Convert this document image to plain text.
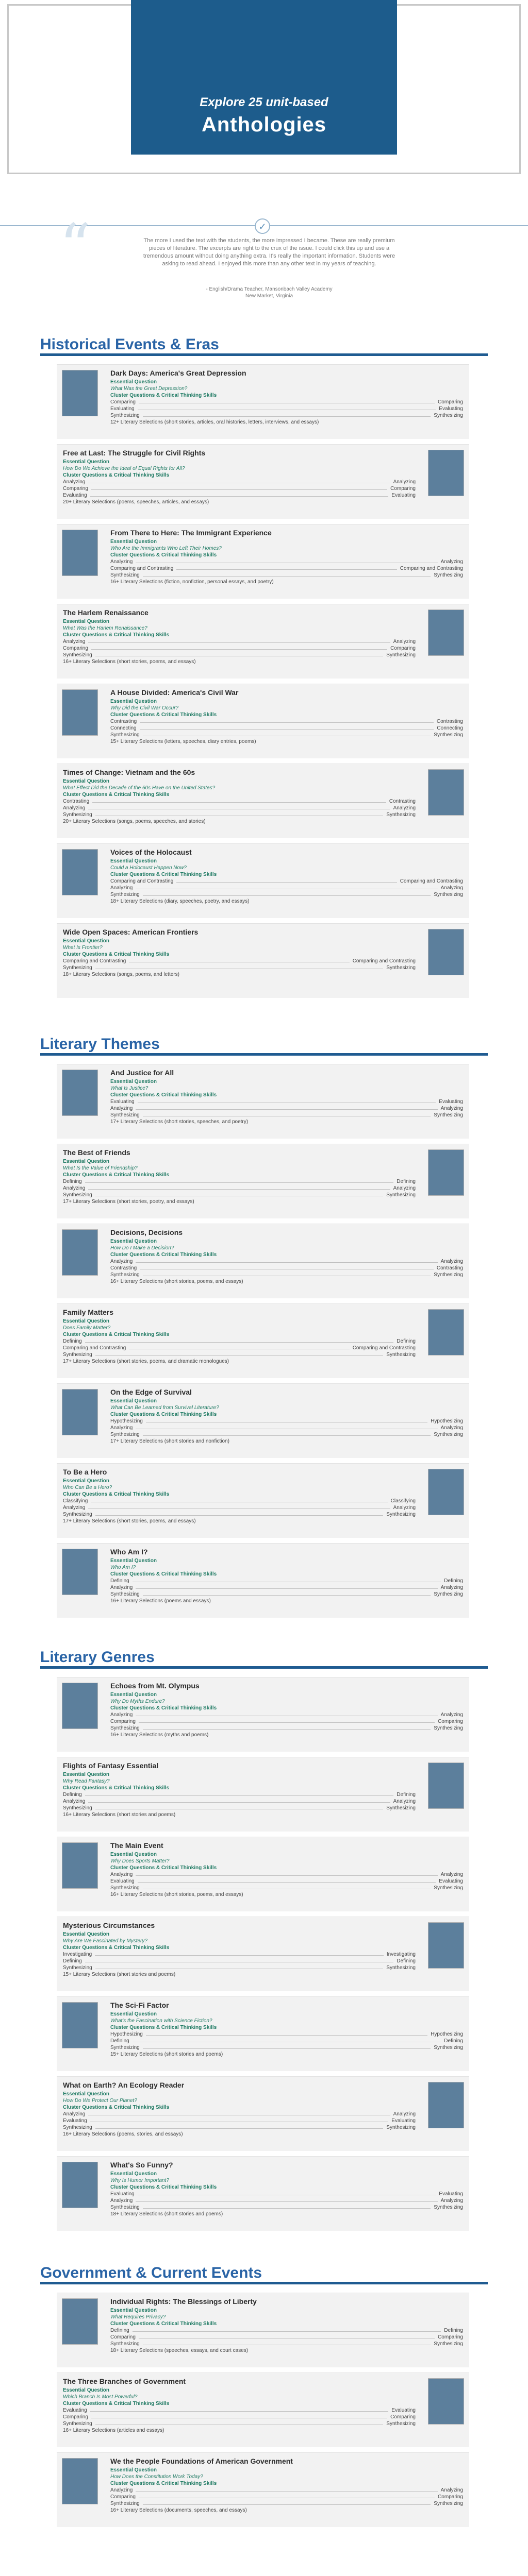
Explore 25 unit-based
Anthologies
✓
“	The more I used the text with the students, the more impressed I became. These are really premium pieces of literature. The excerpts are right to the crux of the issue. I could click this up and use a tremendous amount without doing anything extra. It's really the important information. Students were asking to read ahead. I enjoyed this more than any other text in my years of teaching.
- English/Drama Teacher, Mansonbach Valley Academy
New Market, Virginia
Historical Events & Eras
Dark Days: America's Great Depression
Essential Question
What Was the Great Depression?
Cluster Questions & Critical Thinking Skills
Comparing	Comparing
Evaluating	Evaluating
Synthesizing	Synthesizing
12+ Literary Selections (short stories, articles, oral histories, letters, interviews, and essays)
Free at Last: The Struggle for Civil Rights
Essential Question
How Do We Achieve the Ideal of Equal Rights for All?
Cluster Questions & Critical Thinking Skills
Analyzing	Analyzing
Comparing	Comparing
Evaluating	Evaluating
20+ Literary Selections (poems, speeches, articles, and essays)
From There to Here: The Immigrant Experience
Essential Question
Who Are the Immigrants Who Left Their Homes?
Cluster Questions & Critical Thinking Skills
Analyzing	Analyzing
Comparing and Contrasting	Comparing and Contrasting
Synthesizing	Synthesizing
16+ Literary Selections (fiction, nonfiction, personal essays, and poetry)
The Harlem Renaissance
Essential Question
What Was the Harlem Renaissance?
Cluster Questions & Critical Thinking Skills
Analyzing	Analyzing
Comparing	Comparing
Synthesizing	Synthesizing
16+ Literary Selections (short stories, poems, and essays)
A House Divided: America's Civil War
Essential Question
Why Did the Civil War Occur?
Cluster Questions & Critical Thinking Skills
Contrasting	Contrasting
Connecting	Connecting
Synthesizing	Synthesizing
15+ Literary Selections (letters, speeches, diary entries, poems)
Times of Change: Vietnam and the 60s
Essential Question
What Effect Did the Decade of the 60s Have on the United States?
Cluster Questions & Critical Thinking Skills
Contrasting	Contrasting
Analyzing	Analyzing
Synthesizing	Synthesizing
20+ Literary Selections (songs, poems, speeches, and stories)
Voices of the Holocaust
Essential Question
Could a Holocaust Happen Now?
Cluster Questions & Critical Thinking Skills
Comparing and Contrasting	Comparing and Contrasting
Analyzing	Analyzing
Synthesizing	Synthesizing
18+ Literary Selections (diary, speeches, poetry, and essays)
Wide Open Spaces: American Frontiers
Essential Question
What Is Frontier?
Cluster Questions & Critical Thinking Skills
Comparing and Contrasting	Comparing and Contrasting
Synthesizing	Synthesizing
18+ Literary Selections (songs, poems, and letters)
Literary Themes
And Justice for All
Essential Question
What Is Justice?
Cluster Questions & Critical Thinking Skills
Evaluating	Evaluating
Analyzing	Analyzing
Synthesizing	Synthesizing
17+ Literary Selections (short stories, speeches, and poetry)
The Best of Friends
Essential Question
What Is the Value of Friendship?
Cluster Questions & Critical Thinking Skills
Defining	Defining
Analyzing	Analyzing
Synthesizing	Synthesizing
17+ Literary Selections (short stories, poetry, and essays)
Decisions, Decisions
Essential Question
How Do I Make a Decision?
Cluster Questions & Critical Thinking Skills
Analyzing	Analyzing
Contrasting	Contrasting
Synthesizing	Synthesizing
16+ Literary Selections (short stories, poems, and essays)
Family Matters
Essential Question
Does Family Matter?
Cluster Questions & Critical Thinking Skills
Defining	Defining
Comparing and Contrasting	Comparing and Contrasting
Synthesizing	Synthesizing
17+ Literary Selections (short stories, poems, and dramatic monologues)
On the Edge of Survival
Essential Question
What Can Be Learned from Survival Literature?
Cluster Questions & Critical Thinking Skills
Hypothesizing	Hypothesizing
Analyzing	Analyzing
Synthesizing	Synthesizing
17+ Literary Selections (short stories and nonfiction)
To Be a Hero
Essential Question
Who Can Be a Hero?
Cluster Questions & Critical Thinking Skills
Classifying	Classifying
Analyzing	Analyzing
Synthesizing	Synthesizing
17+ Literary Selections (short stories, poems, and essays)
Who Am I?
Essential Question
Who Am I?
Cluster Questions & Critical Thinking Skills
Defining	Defining
Analyzing	Analyzing
Synthesizing	Synthesizing
16+ Literary Selections (poems and essays)
Literary Genres
Echoes from Mt. Olympus
Essential Question
Why Do Myths Endure?
Cluster Questions & Critical Thinking Skills
Analyzing	Analyzing
Comparing	Comparing
Synthesizing	Synthesizing
16+ Literary Selections (myths and poems)
Flights of Fantasy Essential
Essential Question
Why Read Fantasy?
Cluster Questions & Critical Thinking Skills
Defining	Defining
Analyzing	Analyzing
Synthesizing	Synthesizing
16+ Literary Selections (short stories and poems)
The Main Event
Essential Question
Why Does Sports Matter?
Cluster Questions & Critical Thinking Skills
Analyzing	Analyzing
Evaluating	Evaluating
Synthesizing	Synthesizing
16+ Literary Selections (short stories, poems, and essays)
Mysterious Circumstances
Essential Question
Why Are We Fascinated by Mystery?
Cluster Questions & Critical Thinking Skills
Investigating	Investigating
Defining	Defining
Synthesizing	Synthesizing
15+ Literary Selections (short stories and poems)
The Sci-Fi Factor
Essential Question
What's the Fascination with Science Fiction?
Cluster Questions & Critical Thinking Skills
Hypothesizing	Hypothesizing
Defining	Defining
Synthesizing	Synthesizing
15+ Literary Selections (short stories and poems)
What on Earth? An Ecology Reader
Essential Question
How Do We Protect Our Planet?
Cluster Questions & Critical Thinking Skills
Analyzing	Analyzing
Evaluating	Evaluating
Synthesizing	Synthesizing
16+ Literary Selections (poems, stories, and essays)
What's So Funny?
Essential Question
Why Is Humor Important?
Cluster Questions & Critical Thinking Skills
Evaluating	Evaluating
Analyzing	Analyzing
Synthesizing	Synthesizing
18+ Literary Selections (short stories and poems)
Government & Current Events
Individual Rights: The Blessings of Liberty
Essential Question
What Requires Privacy?
Cluster Questions & Critical Thinking Skills
Defining	Defining
Comparing	Comparing
Synthesizing	Synthesizing
18+ Literary Selections (speeches, essays, and court cases)
The Three Branches of Government
Essential Question
Which Branch Is Most Powerful?
Cluster Questions & Critical Thinking Skills
Evaluating	Evaluating
Comparing	Comparing
Synthesizing	Synthesizing
16+ Literary Selections (articles and essays)
We the People Foundations of American Government
Essential Question
How Does the Constitution Work Today?
Cluster Questions & Critical Thinking Skills
Analyzing	Analyzing
Comparing	Comparing
Synthesizing	Synthesizing
16+ Literary Selections (documents, speeches, and essays)
